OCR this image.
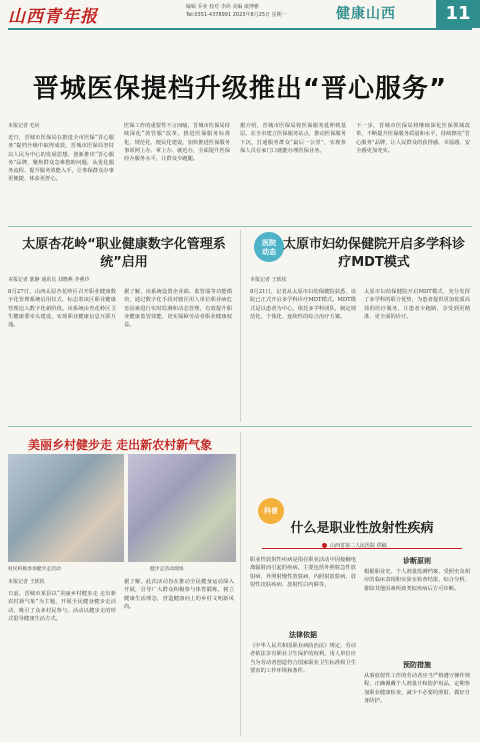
山西青年报	编辑 乔亚 校对 李尚 美编 康博雅
Tel:0351-4378991 2023年8月25日 星期一	健康山西	11
晋城医保提档升级推出“晋心服务”
本报记者 毛钊
近日，晋城市医保局在推进全市医保“晋心服务”提档升级中取得成效。晋城市医保局坚持以人民为中心的发展思想，创新推出“晋心服务”品牌，聚焦群众急难愁盼问题，从优化服务流程、提升服务效能入手，让参保群众办事更便捷、体验更舒心。
医保工作的重要性不言而喻，晋城市医保局持续深化“放管服”改革，推进医保服务标准化、规范化、便民化建设，加快推进医保服务事项网上办、掌上办、就近办，全面提升医保经办服务水平，让群众少跑腿。
据介绍，晋城市医保局将医保服务延伸到基层，在全市建立医保服务站点，推动医保服务下沉，打通服务群众“最后一公里”，实现参保人员在家门口就能办理医保业务。
下一步，晋城市医保局将继续深化医保领域改革，不断提升医保服务质量和水平，持续擦亮“晋心服务”品牌，让人民群众的获得感、幸福感、安全感更加充实。
太原杏花岭“职业健康数字化管理系统”启用
本报记者 陈静 通讯员 刘晓燕 齐燕玲
8月27日，山西太原杏花岭区召开职业健康数字化管理系统启用仪式，标志着该区职业健康管理迈入数字化新阶段。该系统由杏花岭区卫生健康委牵头建设，实现职业健康信息互联互通。
据了解，该系统设置企业端、监管端等功能模块，通过数字化手段对辖区用人单位职业病危害因素进行实时监测和动态管理，有效提升职业健康监管效能，切实保障劳动者职业健康权益。
医院动态 太原市妇幼保健院开启多学科诊疗MDT模式
本报记者 王轶钦
8月21日，记者从太原市妇幼保健院获悉，该院已正式开启多学科诊疗MDT模式。MDT模式是以患者为中心，依托多学科团队，制定规范化、个体化、连续性的综合治疗方案。
太原市妇幼保健院开启MDT模式，充分发挥了多学科的联合优势，为患者提供更加优质高效的医疗服务，让患者少跑路，享受到更精准、更全面的诊疗。
美丽乡村健步走 走出新农村新气象
村民积极参加健步走活动	健步走活动现场
本报记者 王轶钦
日前，晋城市某县以“美丽乡村健步走 走出新农村新气象”为主题，开展全民健身健步走活动，吸引了众多村民参与。活动以健步走的形式倡导健康生活方式。
据了解，此次活动旨在推动全民健身运动深入开展，引导广大群众积极参与体育锻炼，树立健康生活理念，营造健康向上的乡村文明新风尚。
科普
什么是职业性放射性疾病
山西省第二人民医院 供稿
职业性放射性疾病是指在职业活动中因接触电离辐射而引起的疾病，主要包括外照射急性放射病、外照射慢性放射病、内照射放射病、放射性皮肤疾病、放射性白内障等。
法律依据
《中华人民共和国职业病防治法》规定，劳动者依法享有职业卫生保护的权利，用人单位应当为劳动者创造符合国家职业卫生标准和卫生要求的工作环境和条件。
诊断原则
根据职业史、个人剂量监测档案、受照史及相应的临床表现和实验室检查结果，综合分析，排除其他因素所致类似疾病后方可诊断。
预防措施
从事放射性工作的劳动者应当严格遵守操作规程，正确佩戴个人剂量计和防护用品，定期参加职业健康检查，减少不必要的照射，做好自身防护。
